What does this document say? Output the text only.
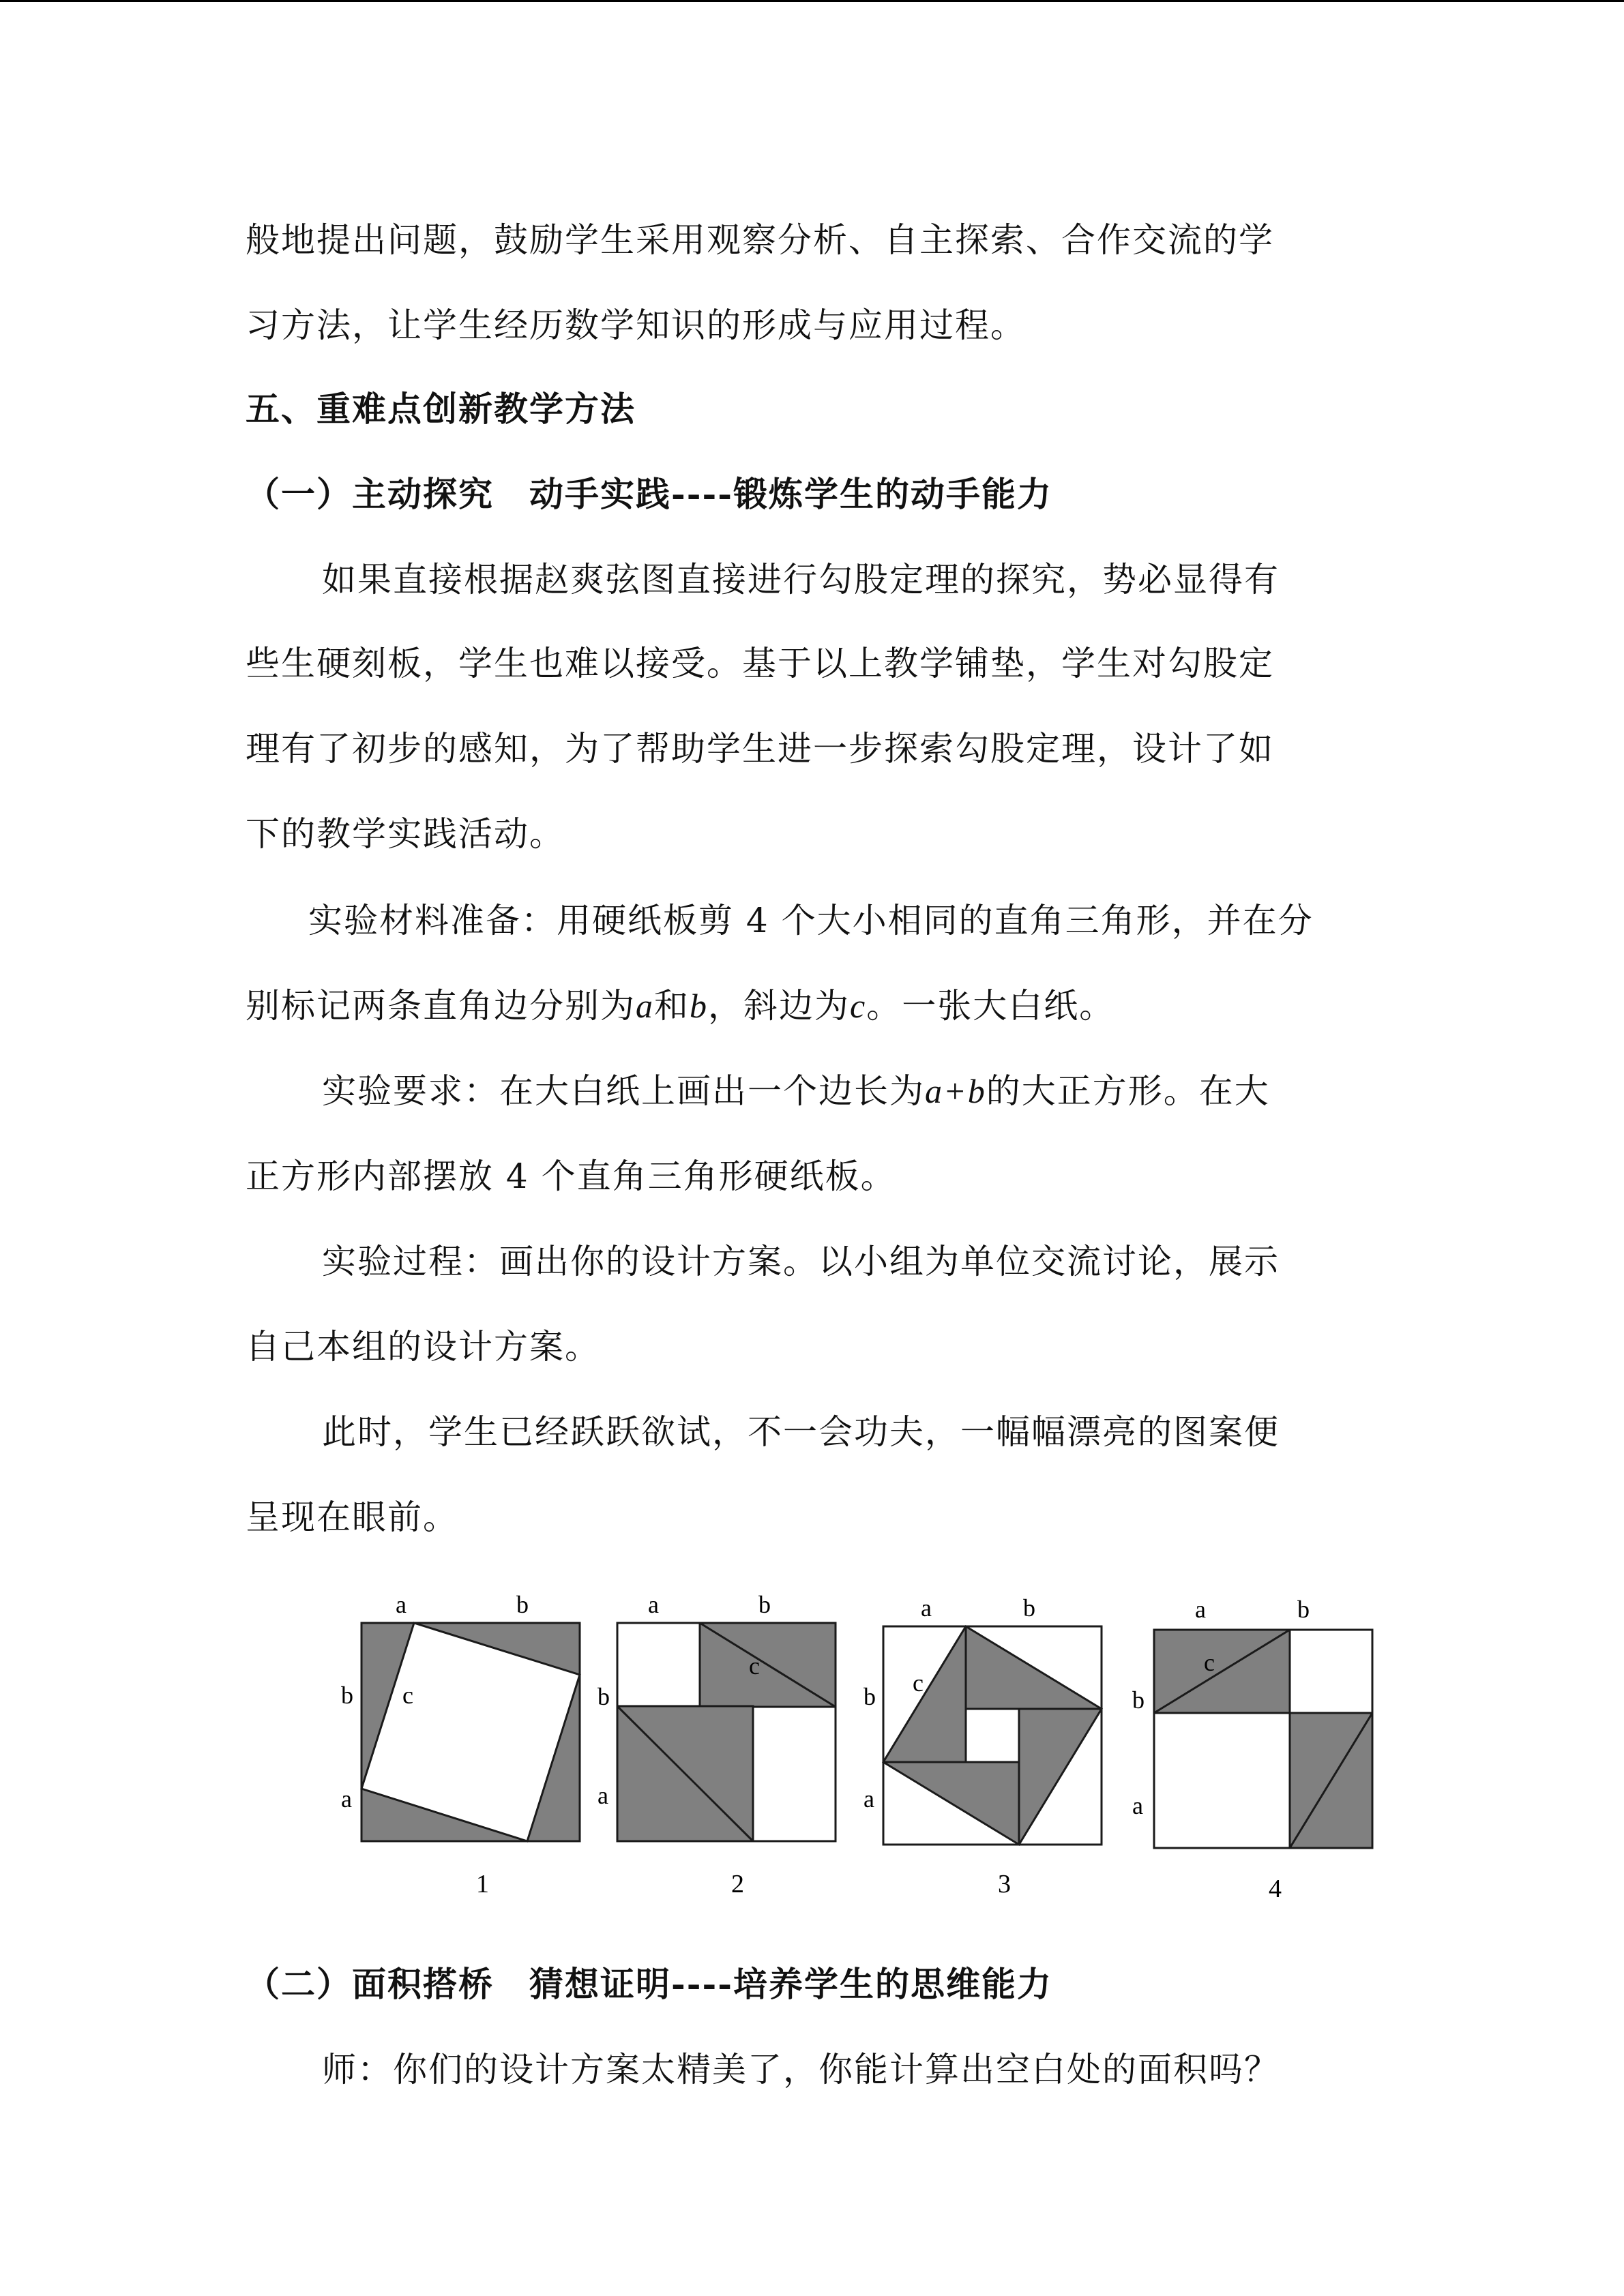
般地提出问题，鼓励学生采用观察分析、自主探索、合作交流的学
习方法，让学生经历数学知识的形成与应用过程。
五、重难点创新教学方法
（一）主动探究　动手实践----锻炼学生的动手能力
如果直接根据赵爽弦图直接进行勾股定理的探究，势必显得有
些生硬刻板，学生也难以接受。基于以上教学铺垫，学生对勾股定
理有了初步的感知，为了帮助学生进一步探索勾股定理，设计了如
下的教学实践活动。
实验材料准备：用硬纸板剪 4 个大小相同的直角三角形，并在分
别标记两条直角边分别为a和b，斜边为c。一张大白纸。
实验要求：在大白纸上画出一个边长为a+b的大正方形。在大
正方形内部摆放 4 个直角三角形硬纸板。
实验过程：画出你的设计方案。以小组为单位交流讨论，展示
自己本组的设计方案。
此时，学生已经跃跃欲试，不一会功夫，一幅幅漂亮的图案便
呈现在眼前。
a	b
b c
a
1
a	b
b
c
a
2
a	b
b c
a
3
a	b
b
c
a
4
（二）面积搭桥　猜想证明----培养学生的思维能力
师：你们的设计方案太精美了，你能计算出空白处的面积吗？
